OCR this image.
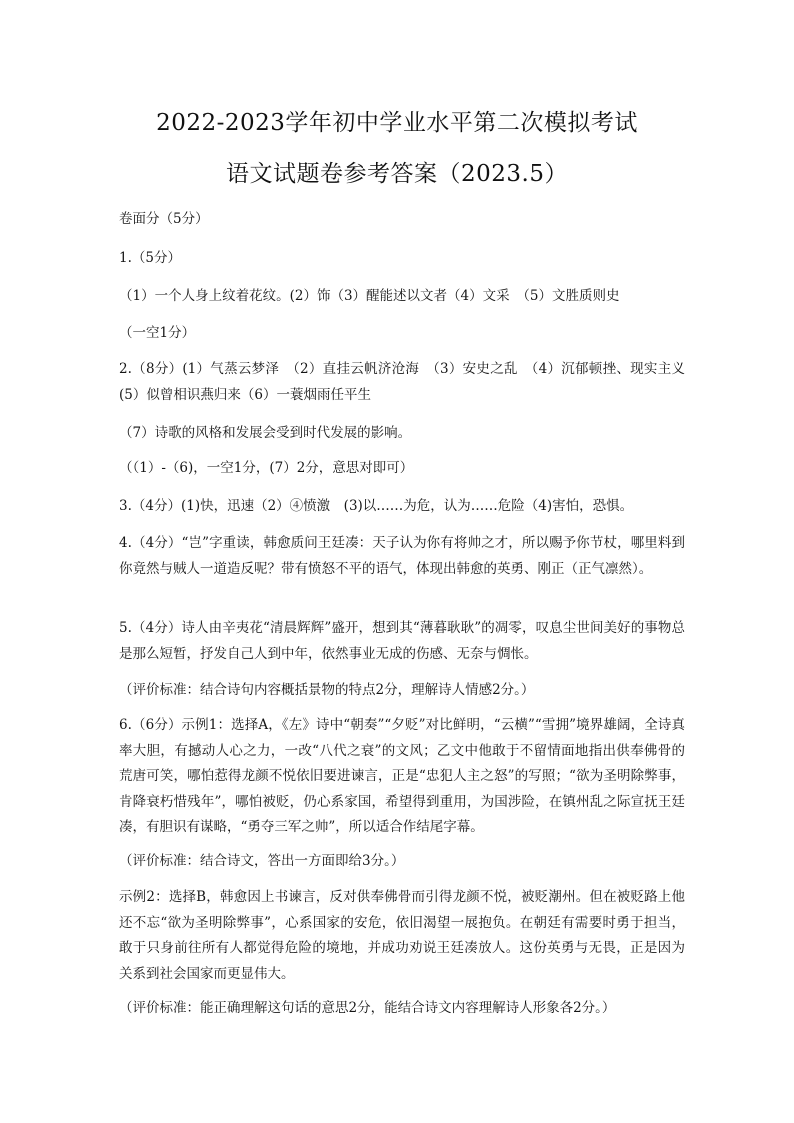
2022-2023学年初中学业水平第二次模拟考试
语文试题卷参考答案（2023.5）
卷面分（5分）
1.（5分）
（1）一个人身上纹着花纹。(2）饰（3）醒能述以文者（4）文采　（5）文胜质则史
（一空1分）
2.（8分）(1）气蒸云梦泽　（2）直挂云帆济沧海　（3）安史之乱　（4）沉郁顿挫、现实主义　(5）似曾相识燕归来（6）一蓑烟雨任平生
（7）诗歌的风格和发展会受到时代发展的影响。
（（1）-（6)，一空1分，(7）2分，意思对即可）
3.（4分）(1)快，迅速（2）④愤激　(3)以……为危，认为……危险（4)害怕，恐惧。
4.（4分）“岂”字重读，韩愈质问王廷凑：天子认为你有将帅之才，所以赐予你节杖，哪里料到你竟然与贼人一道造反呢？带有愤怒不平的语气，体现出韩愈的英勇、刚正（正气凛然）。
5.（4分）诗人由辛夷花“清晨辉辉”盛开，想到其“薄暮耿耿”的凋零，叹息尘世间美好的事物总是那么短暂，抒发自己人到中年，依然事业无成的伤感、无奈与惆怅。
（评价标准：结合诗句内容概括景物的特点2分，理解诗人情感2分。）
6.（6分）示例1：选择A，《左》诗中“朝奏”“夕贬”对比鲜明，“云横”“雪拥”境界雄阔，全诗真率大胆，有撼动人心之力，一改“八代之衰”的文风；乙文中他敢于不留情面地指出供奉佛骨的荒唐可笑，哪怕惹得龙颜不悦依旧要进谏言，正是“忠犯人主之怒”的写照；“欲为圣明除弊事，肯降衰朽惜残年”，哪怕被贬，仍心系家国，希望得到重用，为国涉险，在镇州乱之际宣抚王廷凑，有胆识有谋略，“勇夺三军之帅”，所以适合作结尾字幕。
（评价标准：结合诗文，答出一方面即给3分。）
示例2：选择B，韩愈因上书谏言，反对供奉佛骨而引得龙颜不悦，被贬潮州。但在被贬路上他还不忘“欲为圣明除弊事”，心系国家的安危，依旧渴望一展抱负。在朝廷有需要时勇于担当，敢于只身前往所有人都觉得危险的境地，并成功劝说王廷凑放人。这份英勇与无畏，正是因为关系到社会国家而更显伟大。
（评价标准：能正确理解这句话的意思2分，能结合诗文内容理解诗人形象各2分。）
